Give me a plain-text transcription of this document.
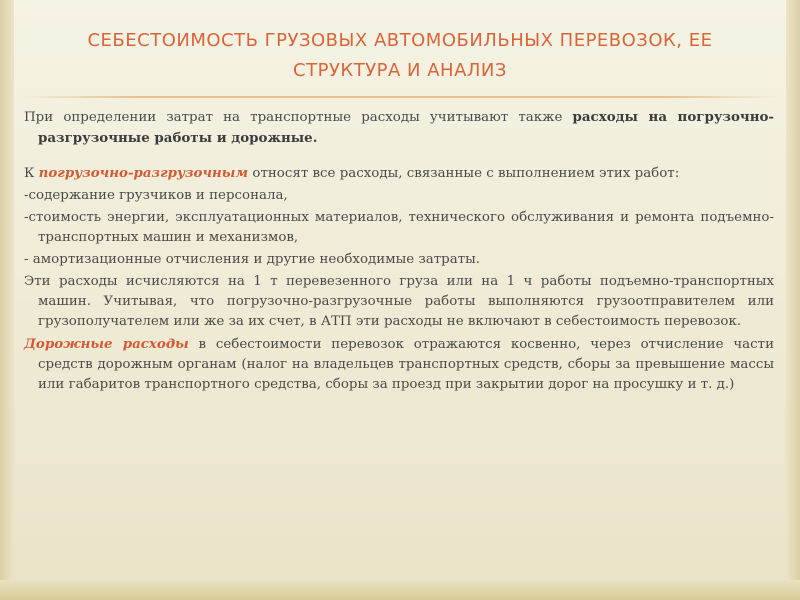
СЕБЕСТОИМОСТЬ ГРУЗОВЫХ АВТОМОБИЛЬНЫХ ПЕРЕВОЗОК, ЕЕ
СТРУКТУРА И АНАЛИЗ

При определении затрат на транспортные расходы учитывают также расходы на погрузочно-разгрузочные работы и дорожные.

К погрузочно-разгрузочным относят все расходы, связанные с выполнением этих работ:

-содержание грузчиков и персонала,

-стоимость энергии, эксплуатационных материалов, технического обслуживания и ремонта подъемно-транспортных машин и механизмов,

- амортизационные отчисления и другие необходимые затраты.

Эти расходы исчисляются на 1 т перевезенного груза или на 1 ч работы подъемно-транспортных машин. Учитывая, что погрузочно-разгрузочные работы выполняются грузоотправителем или грузополучателем или же за их счет, в АТП эти расходы не включают в себестоимость перевозок.

Дорожные расходы в себестоимости перевозок отражаются косвенно, через отчисление части средств дорожным органам (налог на владельцев транспортных средств, сборы за превышение массы или габаритов транспортного средства, сборы за проезд при закрытии дорог на просушку и т. д.)
